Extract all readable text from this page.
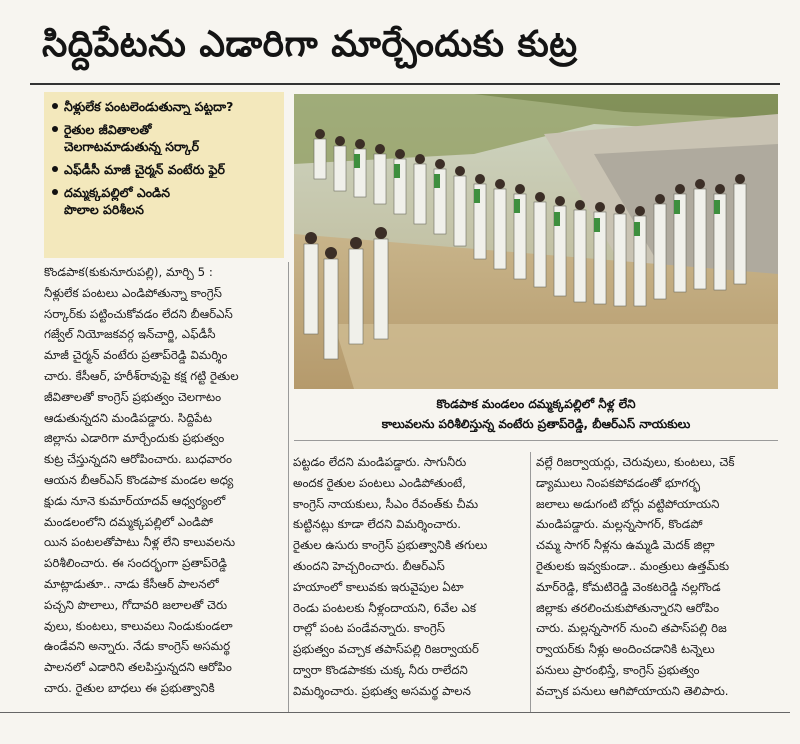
సిద్దిపేటను ఎడారిగా మార్చేందుకు కుట్ర
నీళ్లులేక పంటలెండుతున్నా పట్టదా?
రైతుల జీవితాలతో
చెలగాటమాడుతున్న సర్కార్
ఎఫ్‌డీసీ మాజీ చైర్మన్ వంటేరు ఫైర్
దమ్మక్కపల్లిలో ఎండిన
పొలాల పరిశీలన
కొండపాక మండలం దమ్మక్కపల్లిలో నీళ్ల లేని
కాలువలను పరిశీలిస్తున్న వంటేరు ప్రతాప్‌రెడ్డి, బీఆర్‌ఎస్ నాయకులు
కొండపాక(కుకునూరుపల్లి), మార్చి 5 :
నీళ్లులేక పంటలు ఎండిపోతున్నా కాంగ్రెస్
సర్కార్‌కు పట్టించుకోవడం లేదని బీఆర్‌ఎస్
గజ్వేల్ నియోజకవర్గ ఇన్‌చార్జి, ఎఫ్‌డీసీ
మాజీ చైర్మన్ వంటేరు ప్రతాప్‌రెడ్డి విమర్శిం
చారు. కేసీఆర్, హరీశ్‌రావుపై కక్ష గట్టి రైతుల
జీవితాలతో కాంగ్రెస్ ప్రభుత్వం చెలగాటం
ఆడుతున్నదని మండిపడ్డారు. సిద్దిపేట
జిల్లాను ఎడారిగా మార్చేందుకు ప్రభుత్వం
కుట్ర చేస్తున్నదని ఆరోపించారు. బుధవారం
ఆయన బీఆర్‌ఎస్ కొండపాక మండల అధ్య
క్షుడు నూనె కుమార్‌యాదవ్ ఆధ్వర్యంలో
మండలంలోని దమ్మక్కపల్లిలో ఎండిపో
యిన పంటలతోపాటు నీళ్ల లేని కాలువలను
పరిశీలించారు. ఈ సందర్భంగా ప్రతాప్‌రెడ్డి
మాట్లాడుతూ.. నాడు కేసీఆర్ పాలనలో
పచ్చని పొలాలు, గోదావరి జలాలతో చెరు
వులు, కుంటలు, కాలువలు నిండుకుండలా
ఉండేవని అన్నారు. నేడు కాంగ్రెస్ అసమర్థ
పాలనలో ఎడారిని తలపిస్తున్నదని ఆరోపిం
చారు. రైతుల బాధలు ఈ ప్రభుత్వానికి
పట్టడం లేదని మండిపడ్డారు. సాగునీరు
అందక రైతుల పంటలు ఎండిపోతుంటే,
కాంగ్రెస్ నాయకులు, సీఎం రేవంత్‌కు చీమ
కుట్టినట్లు కూడా లేదని విమర్శించారు.
రైతుల ఉసురు కాంగ్రెస్ ప్రభుత్వానికి తగులు
తుందని హెచ్చరించారు. బీఆర్‌ఎస్
హయాంలో కాలువకు ఇరువైపుల ఏటా
రెండు పంటలకు నీళ్లందాయని, 6వేల ఎక
రాల్లో పంట పండేవన్నారు. కాంగ్రెస్
ప్రభుత్వం వచ్చాక తపాస్‌పల్లి రిజర్వాయర్
ద్వారా కొండపాకకు చుక్క నీరు రాలేదని
విమర్శించారు. ప్రభుత్వ అసమర్థ పాలన
వల్లే రిజర్వాయర్లు, చెరువులు, కుంటలు, చెక్
డ్యాములు నింపకపోవడంతో భూగర్భ
జలాలు అడుగంటి బోర్లు వట్టిపోయాయని
మండిపడ్డారు. మల్లన్నసాగర్, కొండపో
చమ్మ సాగర్ నీళ్లను ఉమ్మడి మెదక్ జిల్లా
రైతులకు ఇవ్వకుండా.. మంత్రులు ఉత్తమ్‌కు
మార్‌రెడ్డి, కోమటిరెడ్డి వెంకటరెడ్డి నల్లగొండ
జిల్లాకు తరలించుకుపోతున్నారని ఆరోపిం
చారు. మల్లన్నసాగర్ నుంచి తపాస్‌పల్లి రిజ
ర్వాయర్‌కు నీళ్లు అందించడానికి టన్నెలు
పనులు ప్రారంభిస్తే, కాంగ్రెస్ ప్రభుత్వం
వచ్చాక పనులు ఆగిపోయాయని తెలిపారు.
